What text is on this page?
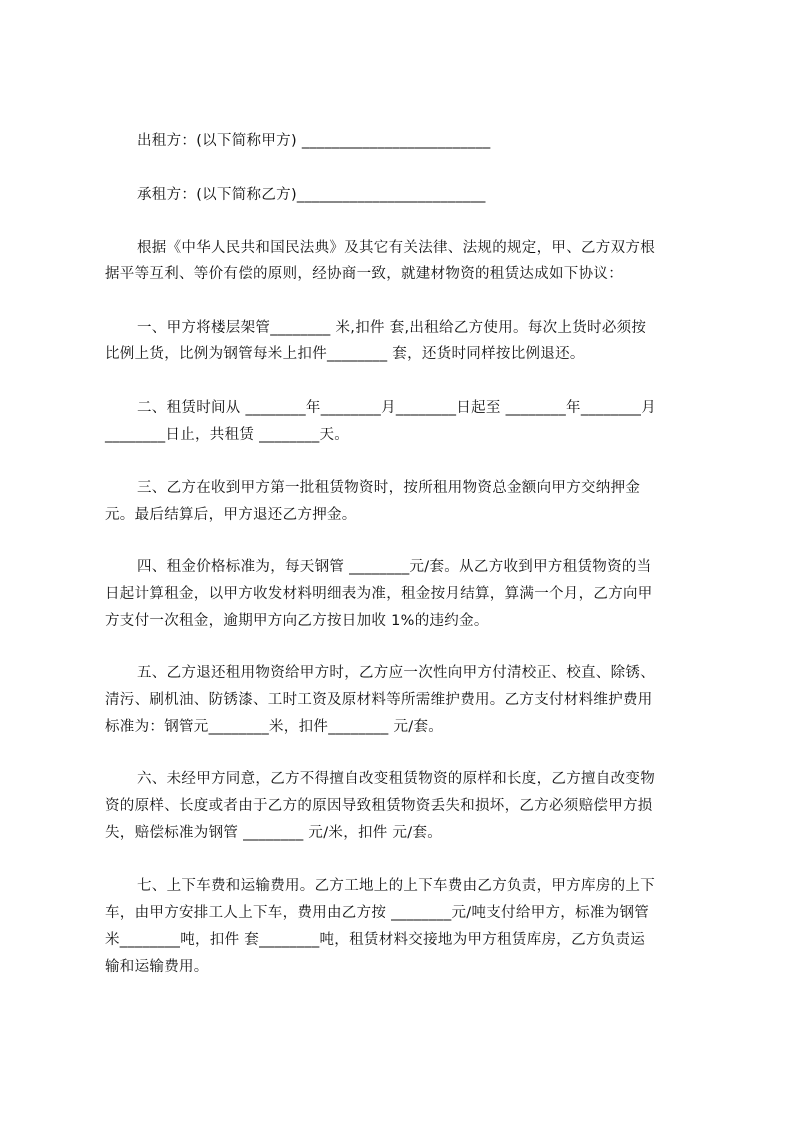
出租方：(以下简称甲方) _________________________
承租方：(以下简称乙方)_________________________
根据《中华人民共和国民法典》及其它有关法律、法规的规定，甲、乙方双方根
据平等互利、等价有偿的原则，经协商一致，就建材物资的租赁达成如下协议：
一、甲方将楼层架管________ 米,扣件 套,出租给乙方使用。每次上货时必须按
比例上货，比例为钢管每米上扣件________ 套，还货时同样按比例退还。
二、租赁时间从 ________年________月________日起至 ________年________月
________日止，共租赁 ________天。
三、乙方在收到甲方第一批租赁物资时，按所租用物资总金额向甲方交纳押金
元。最后结算后，甲方退还乙方押金。
四、租金价格标准为，每天钢管 ________元/套。从乙方收到甲方租赁物资的当
日起计算租金，以甲方收发材料明细表为准，租金按月结算，算满一个月，乙方向甲
方支付一次租金，逾期甲方向乙方按日加收 1%的违约金。
五、乙方退还租用物资给甲方时，乙方应一次性向甲方付清校正、校直、除锈、
清污、刷机油、防锈漆、工时工资及原材料等所需维护费用。乙方支付材料维护费用
标准为：钢管元________米，扣件________ 元/套。
六、未经甲方同意，乙方不得擅自改变租赁物资的原样和长度，乙方擅自改变物
资的原样、长度或者由于乙方的原因导致租赁物资丢失和损坏，乙方必须赔偿甲方损
失，赔偿标准为钢管 ________ 元/米，扣件 元/套。
七、上下车费和运输费用。乙方工地上的上下车费由乙方负责，甲方库房的上下
车，由甲方安排工人上下车，费用由乙方按 ________元/吨支付给甲方，标准为钢管
米________吨，扣件 套________吨，租赁材料交接地为甲方租赁库房，乙方负责运
输和运输费用。
